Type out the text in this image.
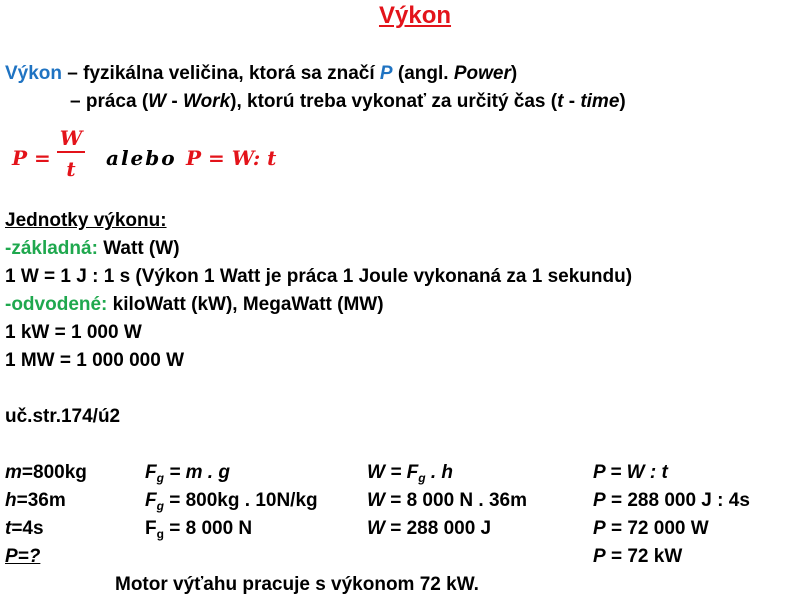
Výkon
Výkon – fyzikálna veličina, ktorá sa značí P (angl. Power)
– práca (W - Work), ktorú treba vykonať za určitý čas (t - time)
P =
W
t	alebo P = W: t
Jednotky výkonu:
-základná: Watt (W)
1 W = 1 J : 1 s (Výkon 1 Watt je práca 1 Joule vykonaná za 1 sekundu)
-odvodené: kiloWatt (kW), MegaWatt (MW)
1 kW = 1 000 W
1 MW = 1 000 000 W
uč.str.174/ú2
m=800kg
h=36m
t=4s
P=?
$F_g = m$ . g
$F_g = 800kg$ . 10N/kg
$F_g = 8$ 000 N
$W = F_g$ . h
W = 8 000 N . 36m
W = 288 000 J
P = W : t
P = 288 000 J : 4s
P = 72 000 W
P = 72 kW
Motor výťahu pracuje s výkonom 72 kW.
